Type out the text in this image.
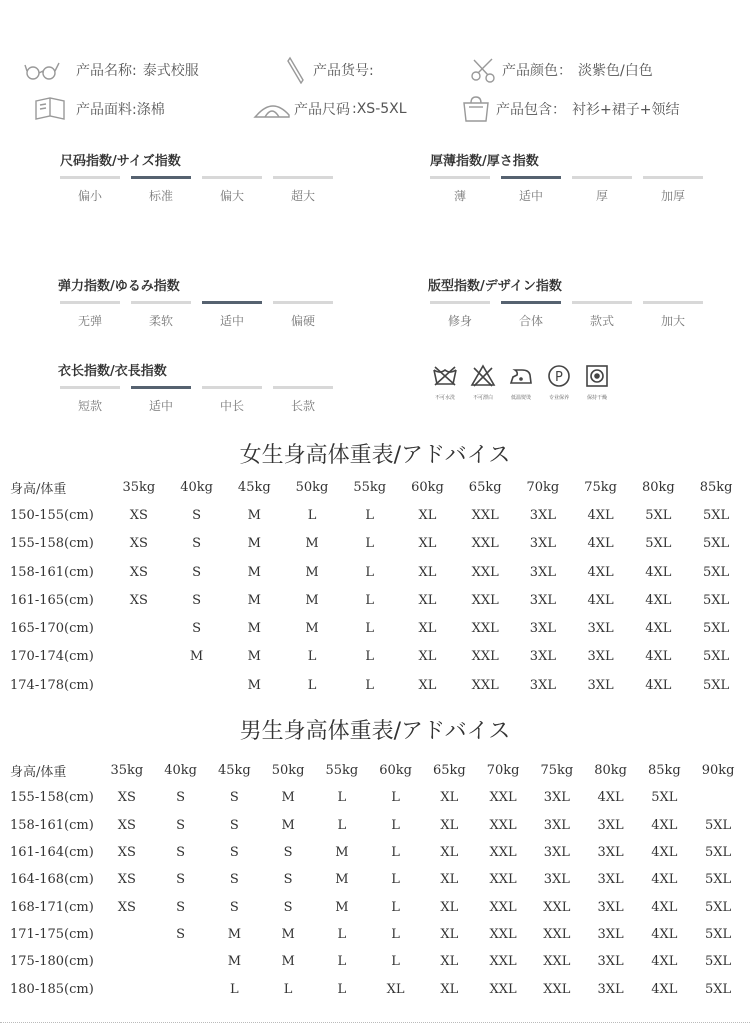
产品名称: 泰式校服	产品货号:	产品颜色： 淡紫色/白色
产品面料: 涤棉	产品尺码 :XS-5XL	产品包含： 衬衫+裙子+领结
尺码指数/サイズ指数
偏小	标准	偏大	超大
厚薄指数/厚さ指数
薄	适中	厚	加厚
弹力指数/ゆるみ指数
无弹	柔软	适中	偏硬
版型指数/デザイン指数
修身	合体	款式	加大
衣长指数/衣長指数
短款	适中	中长	长款
不可水洗	不可漂白	低温熨烫
P
专业保养	保持干燥
女生身高体重表/アドバイス
身高/体重	35kg	40kg	45kg	50kg	55kg	60kg	65kg	70kg	75kg	80kg	85kg
150-155(cm)	XS	S	M	L	L	XL	XXL	3XL	4XL	5XL	5XL
155-158(cm)	XS	S	M	M	L	XL	XXL	3XL	4XL	5XL	5XL
158-161(cm)	XS	S	M	M	L	XL	XXL	3XL	4XL	4XL	5XL
161-165(cm)	XS	S	M	M	L	XL	XXL	3XL	4XL	4XL	5XL
165-170(cm)		S	M	M	L	XL	XXL	3XL	3XL	4XL	5XL
170-174(cm)		M	M	L	L	XL	XXL	3XL	3XL	4XL	5XL
174-178(cm)			M	L	L	XL	XXL	3XL	3XL	4XL	5XL
男生身高体重表/アドバイス
身高/体重	35kg	40kg	45kg	50kg	55kg	60kg	65kg	70kg	75kg	80kg	85kg	90kg
155-158(cm)	XS	S	S	M	L	L	XL	XXL	3XL	4XL	5XL	
158-161(cm)	XS	S	S	M	L	L	XL	XXL	3XL	3XL	4XL	5XL
161-164(cm)	XS	S	S	S	M	L	XL	XXL	3XL	3XL	4XL	5XL
164-168(cm)	XS	S	S	S	M	L	XL	XXL	3XL	3XL	4XL	5XL
168-171(cm)	XS	S	S	S	M	L	XL	XXL	XXL	3XL	4XL	5XL
171-175(cm)		S	M	M	L	L	XL	XXL	XXL	3XL	4XL	5XL
175-180(cm)			M	M	L	L	XL	XXL	XXL	3XL	4XL	5XL
180-185(cm)			L	L	L	XL	XL	XXL	XXL	3XL	4XL	5XL
